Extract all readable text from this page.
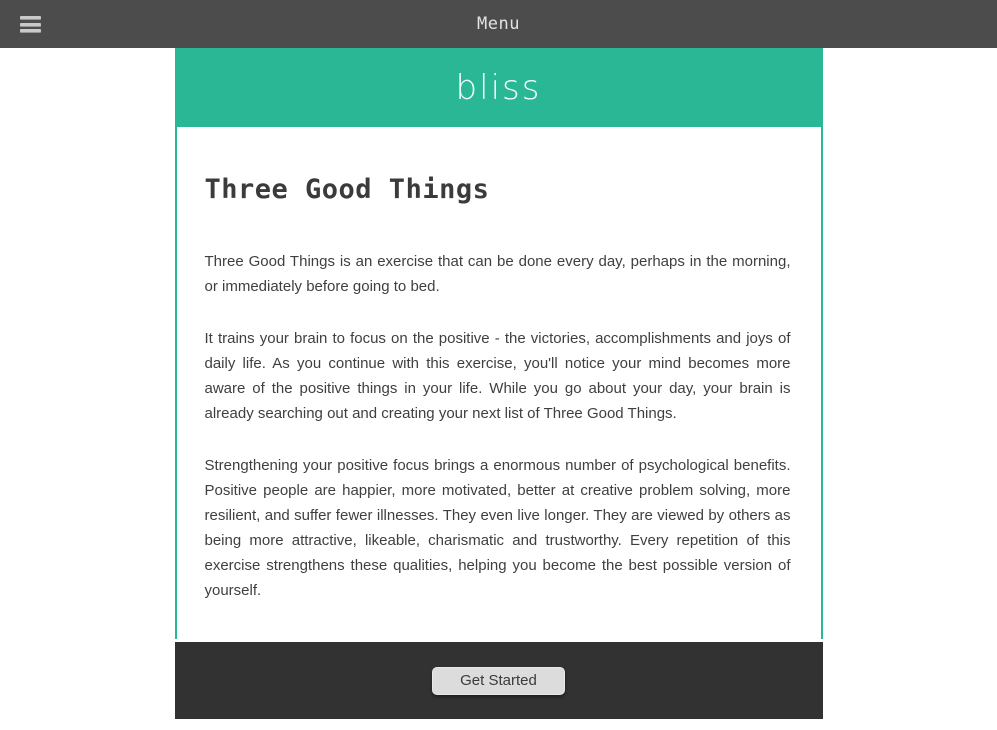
Menu
bliss
Three Good Things

Three Good Things is an exercise that can be done every day, perhaps in the morning, or immediately before going to bed.

It trains your brain to focus on the positive - the victories, accomplishments and joys of daily life. As you continue with this exercise, you'll notice your mind becomes more aware of the positive things in your life. While you go about your day, your brain is already searching out and creating your next list of Three Good Things.

Strengthening your positive focus brings a enormous number of psychological benefits. Positive people are happier, more motivated, better at creative problem solving, more resilient, and suffer fewer illnesses. They even live longer. They are viewed by others as being more attractive, likeable, charismatic and trustworthy. Every repetition of this exercise strengthens these qualities, helping you become the best possible version of yourself.

Get Started
